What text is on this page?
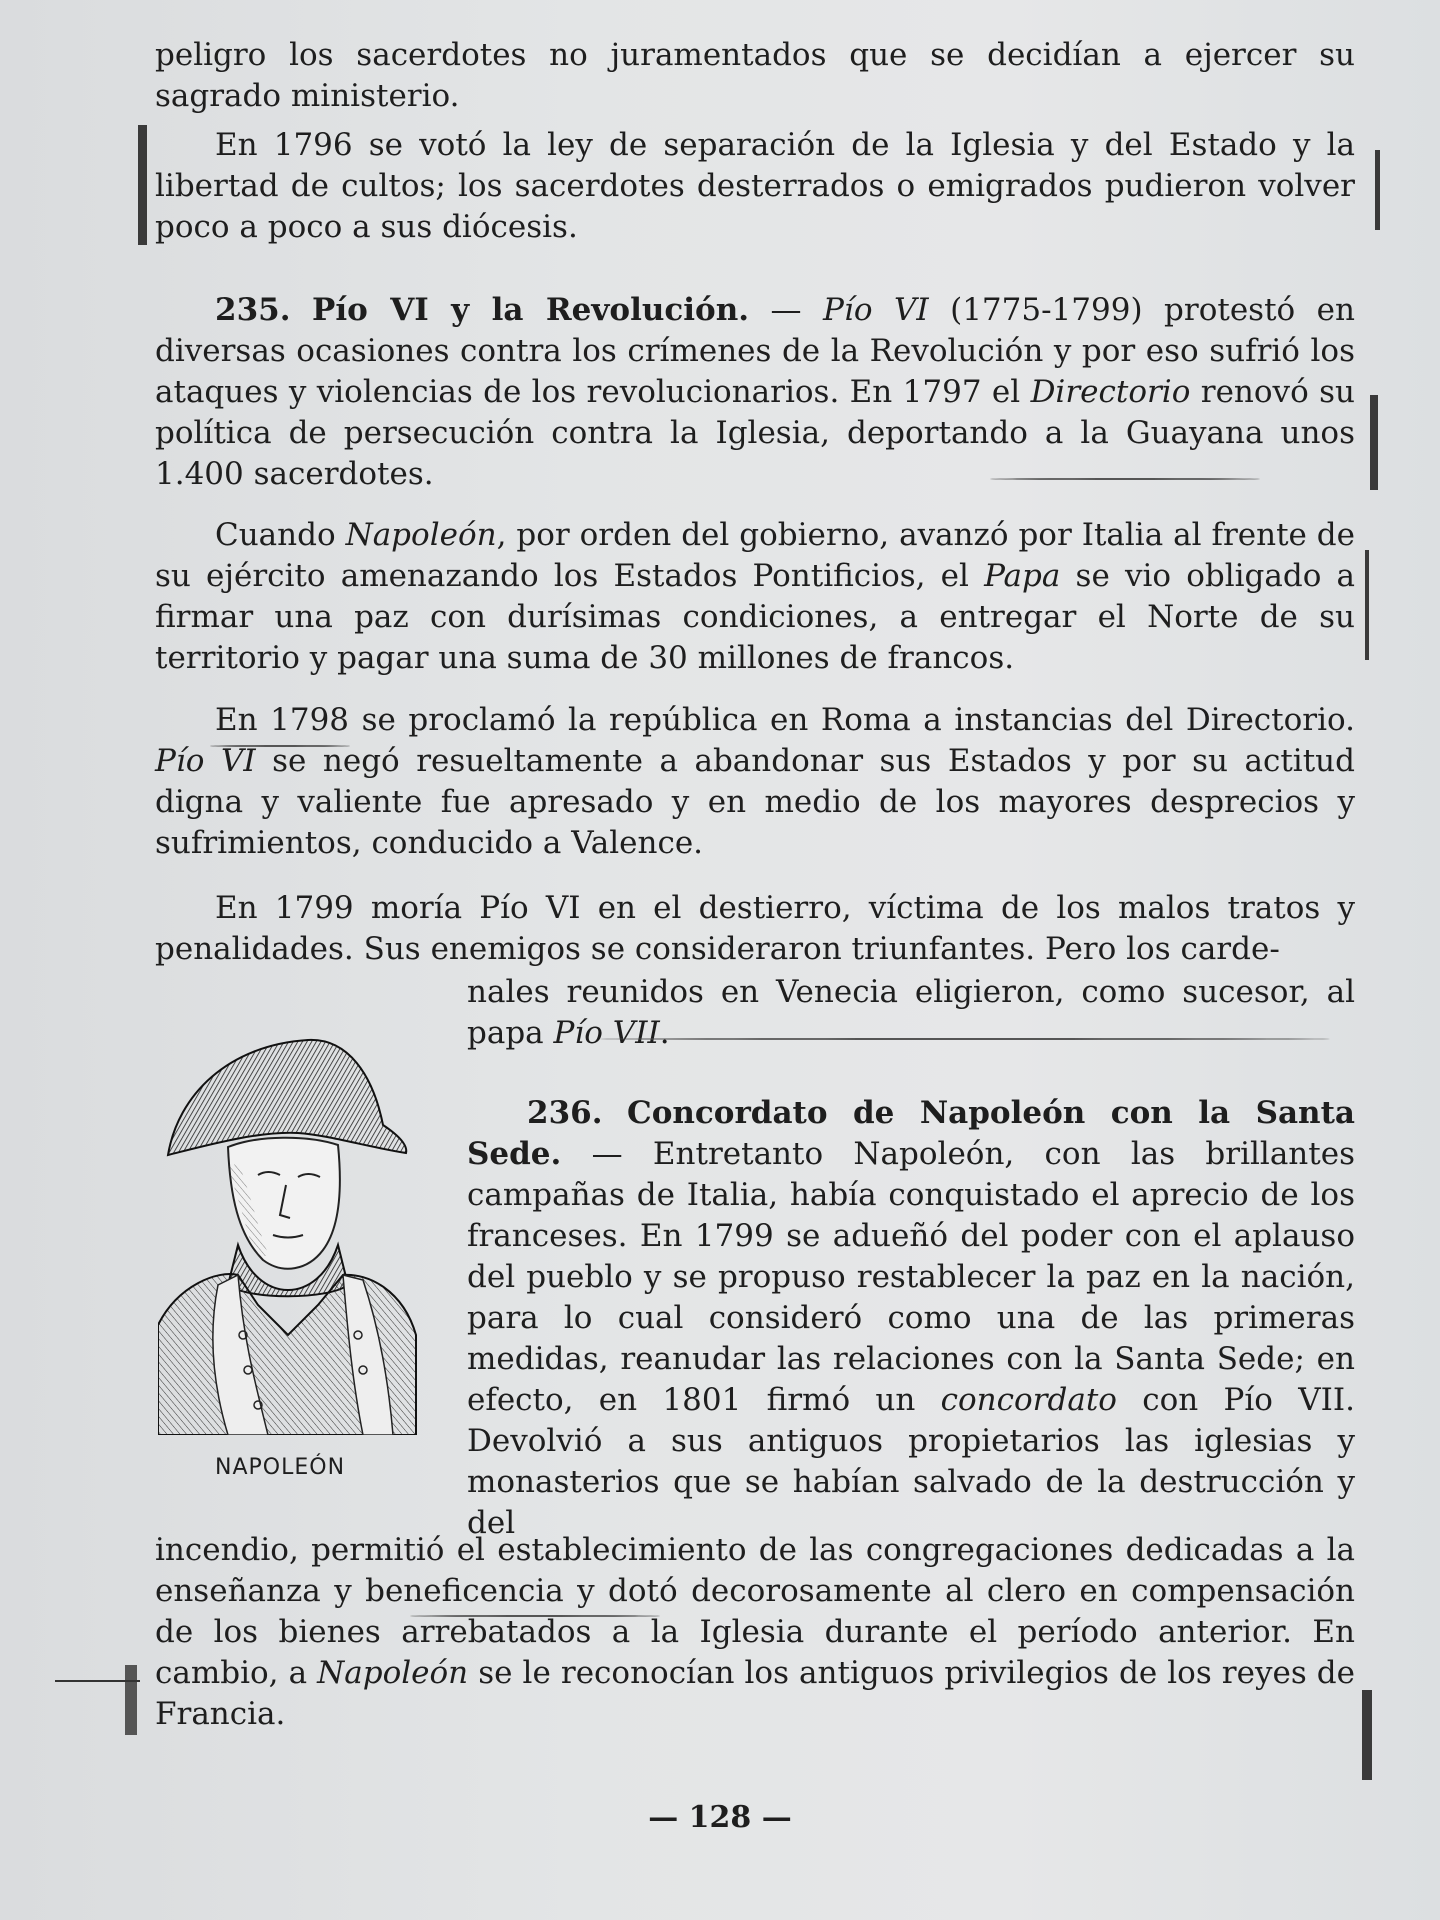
peligro los sacerdotes no juramentados que se decidían a ejercer su sagrado ministerio.

En 1796 se votó la ley de separación de la Iglesia y del Estado y la libertad de cultos; los sacerdotes desterrados o emigrados pudieron volver poco a poco a sus diócesis.

235. Pío VI y la Revolución. — Pío VI (1775-1799) protestó en diversas ocasiones contra los crímenes de la Revolución y por eso sufrió los ataques y violencias de los revolucionarios. En 1797 el Directorio renovó su política de persecución contra la Iglesia, deportando a la Guayana unos 1.400 sacerdotes.

Cuando Napoleón, por orden del gobierno, avanzó por Italia al frente de su ejército amenazando los Estados Pontificios, el Papa se vio obligado a firmar una paz con durísimas condiciones, a entregar el Norte de su territorio y pagar una suma de 30 millones de francos.

En 1798 se proclamó la república en Roma a instancias del Directorio. Pío VI se negó resueltamente a abandonar sus Estados y por su actitud digna y valiente fue apresado y en medio de los mayores desprecios y sufrimientos, conducido a Valence.

En 1799 moría Pío VI en el destierro, víctima de los malos tratos y penalidades. Sus enemigos se consideraron triunfantes. Pero los carde-

nales reunidos en Venecia eligieron, como sucesor, al papa Pío VII.

236. Concordato de Napoleón con la Santa Sede. — Entretanto Napoleón, con las brillantes campañas de Italia, había conquistado el aprecio de los franceses. En 1799 se adueñó del poder con el aplauso del pueblo y se propuso restablecer la paz en la nación, para lo cual consideró como una de las primeras medidas, reanudar las relaciones con la Santa Sede; en efecto, en 1801 firmó un concordato con Pío VII. Devolvió a sus antiguos propietarios las iglesias y monasterios que se habían salvado de la destrucción y del

incendio, permitió el establecimiento de las congregaciones dedicadas a la enseñanza y beneficencia y dotó decorosamente al clero en compensación de los bienes arrebatados a la Iglesia durante el período anterior. En cambio, a Napoleón se le reconocían los antiguos privilegios de los reyes de Francia.

NAPOLEÓN
— 128 —
